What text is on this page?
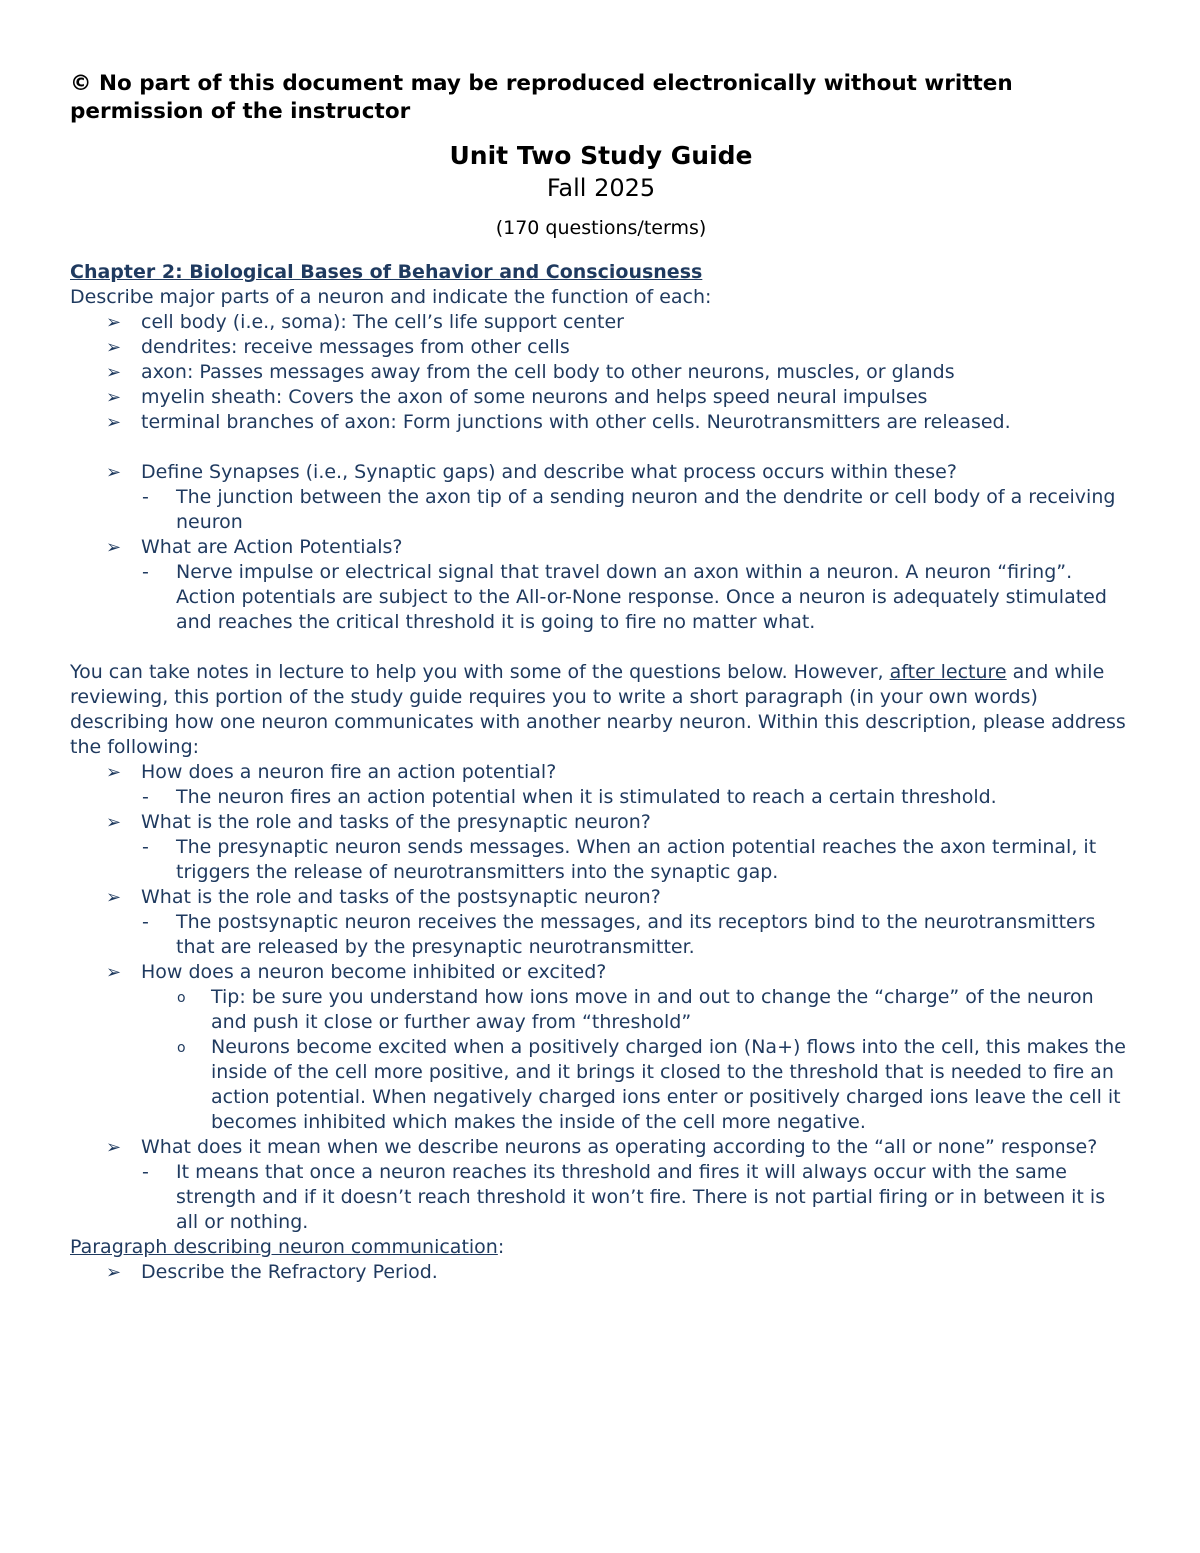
© No part of this document may be reproduced electronically without written permission of the instructor

Unit Two Study Guide

Fall 2025

(170 questions/terms)

Chapter 2: Biological Bases of Behavior and Consciousness

Describe major parts of a neuron and indicate the function of each:

➢ cell body (i.e., soma): The cell’s life support center
➢ dendrites: receive messages from other cells
➢ axon: Passes messages away from the cell body to other neurons, muscles, or glands
➢ myelin sheath: Covers the axon of some neurons and helps speed neural impulses
➢ terminal branches of axon: Form junctions with other cells. Neurotransmitters are released.
➢ Define Synapses (i.e., Synaptic gaps) and describe what process occurs within these?
- The junction between the axon tip of a sending neuron and the dendrite or cell body of a receiving neuron
➢ What are Action Potentials?
- Nerve impulse or electrical signal that travel down an axon within a neuron. A neuron “firing”. Action potentials are subject to the All-or-None response. Once a neuron is adequately stimulated and reaches the critical threshold it is going to fire no matter what.

You can take notes in lecture to help you with some of the questions below. However, after lecture and while reviewing, this portion of the study guide requires you to write a short paragraph (in your own words) describing how one neuron communicates with another nearby neuron. Within this description, please address the following:

➢ How does a neuron fire an action potential?
- The neuron fires an action potential when it is stimulated to reach a certain threshold.
➢ What is the role and tasks of the presynaptic neuron?
- The presynaptic neuron sends messages. When an action potential reaches the axon terminal, it triggers the release of neurotransmitters into the synaptic gap.
➢ What is the role and tasks of the postsynaptic neuron?
- The postsynaptic neuron receives the messages, and its receptors bind to the neurotransmitters that are released by the presynaptic neurotransmitter.
➢ How does a neuron become inhibited or excited?
o Tip: be sure you understand how ions move in and out to change the “charge” of the neuron and push it close or further away from “threshold”
o Neurons become excited when a positively charged ion (Na+) flows into the cell, this makes the inside of the cell more positive, and it brings it closed to the threshold that is needed to fire an action potential. When negatively charged ions enter or positively charged ions leave the cell it becomes inhibited which makes the inside of the cell more negative.
➢ What does it mean when we describe neurons as operating according to the “all or none” response?
- It means that once a neuron reaches its threshold and fires it will always occur with the same strength and if it doesn’t reach threshold it won’t fire. There is not partial firing or in between it is all or nothing.

Paragraph describing neuron communication:

➢ Describe the Refractory Period.
